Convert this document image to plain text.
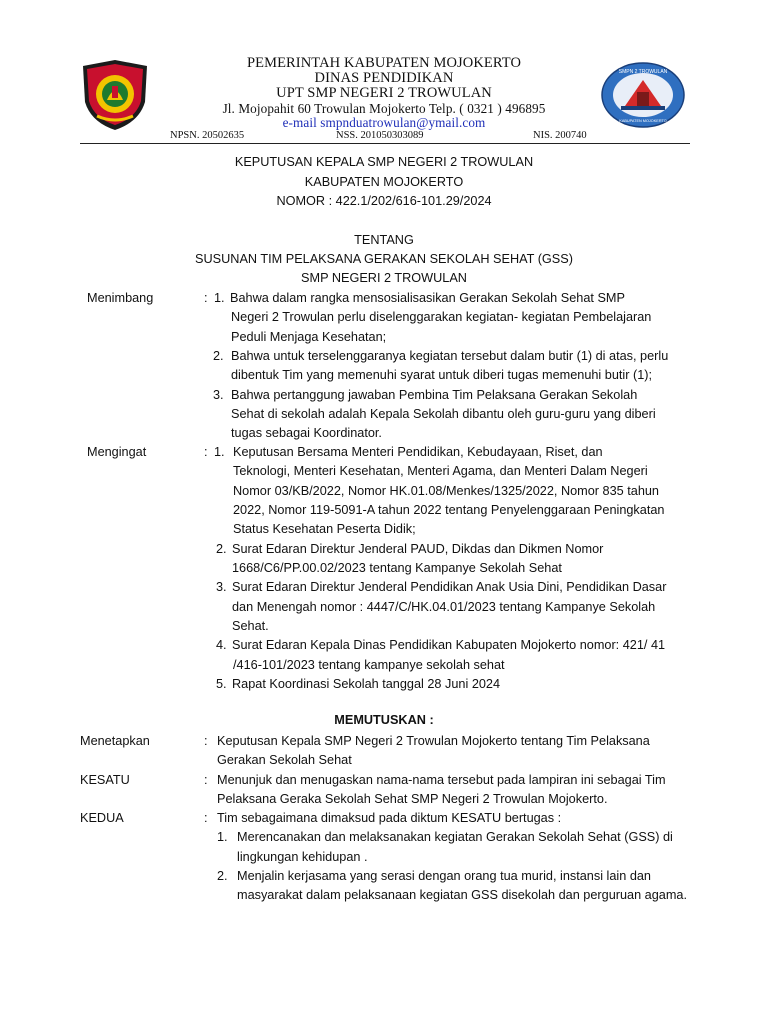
SMPN 2 TROWULAN
KABUPATEN MOJOKERTO
PEMERINTAH KABUPATEN MOJOKERTO
DINAS PENDIDIKAN
UPT SMP NEGERI 2 TROWULAN
Jl. Mojopahit 60 Trowulan Mojokerto Telp. ( 0321 ) 496895
e-mail smpnduatrowulan@ymail.com
NPSN. 20502635	NSS. 201050303089	NIS. 200740
KEPUTUSAN KEPALA SMP NEGERI 2 TROWULAN
KABUPATEN MOJOKERTO
NOMOR : 422.1/202/616-101.29/2024
TENTANG
SUSUNAN TIM PELAKSANA GERAKAN SEKOLAH SEHAT (GSS)
SMP NEGERI 2 TROWULAN
Menimbang	: 1. Bahwa dalam rangka mensosialisasikan Gerakan Sekolah Sehat SMP
Negeri 2 Trowulan perlu diselenggarakan kegiatan- kegiatan Pembelajaran
Peduli Menjaga Kesehatan;
2. Bahwa untuk terselenggaranya kegiatan tersebut dalam butir (1) di atas, perlu
dibentuk Tim yang memenuhi syarat untuk diberi tugas memenuhi butir (1);
3. Bahwa pertanggung jawaban Pembina Tim Pelaksana Gerakan Sekolah
Sehat di sekolah adalah Kepala Sekolah dibantu oleh guru-guru yang diberi
tugas sebagai Koordinator.
Mengingat	: 1. Keputusan Bersama Menteri Pendidikan, Kebudayaan, Riset, dan
Teknologi, Menteri Kesehatan, Menteri Agama, dan Menteri Dalam Negeri
Nomor 03/KB/2022, Nomor HK.01.08/Menkes/1325/2022, Nomor 835 tahun
2022, Nomor 119-5091-A tahun 2022 tentang Penyelenggaraan Peningkatan
Status Kesehatan Peserta Didik;
2. Surat Edaran Direktur Jenderal PAUD, Dikdas dan Dikmen Nomor
1668/C6/PP.00.02/2023 tentang Kampanye Sekolah Sehat
3. Surat Edaran Direktur Jenderal Pendidikan Anak Usia Dini, Pendidikan Dasar
dan Menengah nomor : 4447/C/HK.04.01/2023 tentang Kampanye Sekolah
Sehat.
4. Surat Edaran Kepala Dinas Pendidikan Kabupaten Mojokerto nomor: 421/ 41
/416-101/2023 tentang kampanye sekolah sehat
5. Rapat Koordinasi Sekolah tanggal 28 Juni 2024
MEMUTUSKAN :
Menetapkan	: Keputusan Kepala SMP Negeri 2 Trowulan Mojokerto tentang Tim Pelaksana
Gerakan Sekolah Sehat
KESATU	: Menunjuk dan menugaskan nama-nama tersebut pada lampiran ini sebagai Tim
Pelaksana Geraka Sekolah Sehat SMP Negeri 2 Trowulan Mojokerto.
KEDUA	: Tim sebagaimana dimaksud pada diktum KESATU bertugas :
1. Merencanakan dan melaksanakan kegiatan Gerakan Sekolah Sehat (GSS) di
lingkungan kehidupan .
2. Menjalin kerjasama yang serasi dengan orang tua murid, instansi lain dan
masyarakat dalam pelaksanaan kegiatan GSS disekolah dan perguruan agama.
